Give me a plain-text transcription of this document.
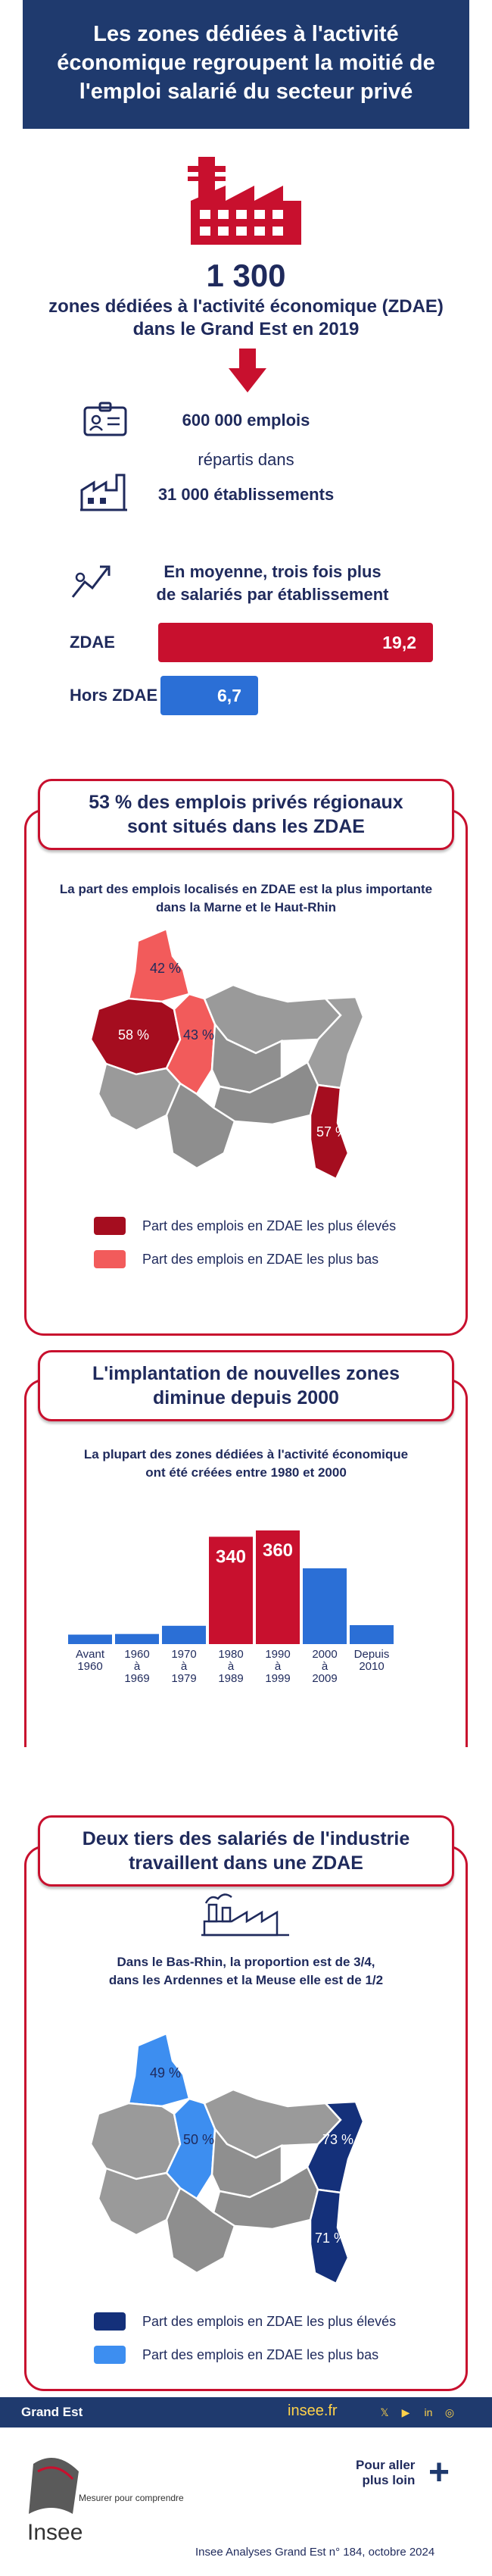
Les zones dédiées à l'activité
économique regroupent la moitié de
l'emploi salarié du secteur privé
1 300
zones dédiées à l'activité économique (ZDAE)
dans le Grand Est en 2019
600 000 emplois
répartis dans
31 000 établissements
En moyenne, trois fois plus
de salariés par établissement
ZDAE	19,2
Hors ZDAE	6,7
53 % des emplois privés régionaux
sont situés dans les ZDAE
La part des emplois localisés en ZDAE est la plus importante
dans la Marne et le Haut-Rhin
42 %
58 % 43 %
57 %
Part des emplois en ZDAE les plus élevés
Part des emplois en ZDAE les plus bas
L'implantation de nouvelles zones
diminue depuis 2000
La plupart des zones dédiées à l'activité économique
ont été créées entre 1980 et 2000
Avant
1960
1960
à
1969
1970
à
1979
340
1980
à
1989
360
1990
à
1999
2000
à
2009
Depuis
2010
Deux tiers des salariés de l'industrie
travaillent dans une ZDAE
Dans le Bas-Rhin, la proportion est de 3/4,
dans les Ardennes et la Meuse elle est de 1/2
49 %
50 %	73 %
71 %
Part des emplois en ZDAE les plus élevés
Part des emplois en ZDAE les plus bas
Grand Est	insee.fr	𝕏	▶	in	◎
Insee
Mesurer pour comprendre
Pour aller
plus loin +
Insee Analyses Grand Est n° 184, octobre 2024
